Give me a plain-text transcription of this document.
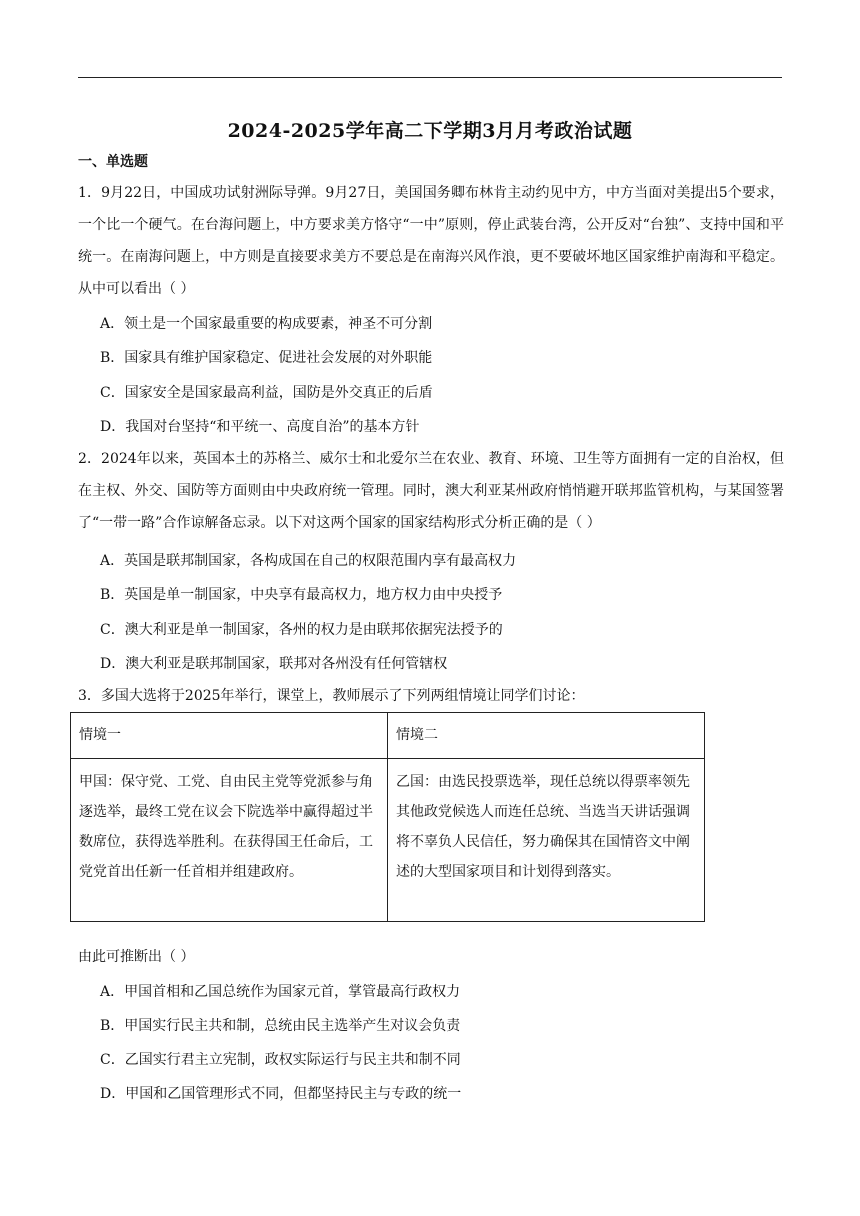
2024-2025学年高二下学期3月月考政治试题
一、单选题
1．9月22日，中国成功试射洲际导弹。9月27日，美国国务卿布林肯主动约见中方，中方当面对美提出5个要求，一个比一个硬气。在台海问题上，中方要求美方恪守“一中”原则，停止武装台湾，公开反对“台独”、支持中国和平统一。在南海问题上，中方则是直接要求美方不要总是在南海兴风作浪，更不要破坏地区国家维护南海和平稳定。从中可以看出（ ）
A．领土是一个国家最重要的构成要素，神圣不可分割
B．国家具有维护国家稳定、促进社会发展的对外职能
C．国家安全是国家最高利益，国防是外交真正的后盾
D．我国对台坚持“和平统一、高度自治”的基本方针
2．2024年以来，英国本土的苏格兰、威尔士和北爱尔兰在农业、教育、环境、卫生等方面拥有一定的自治权，但在主权、外交、国防等方面则由中央政府统一管理。同时，澳大利亚某州政府悄悄避开联邦监管机构，与某国签署了“一带一路”合作谅解备忘录。以下对这两个国家的国家结构形式分析正确的是（ ）
A．英国是联邦制国家，各构成国在自己的权限范围内享有最高权力
B．英国是单一制国家，中央享有最高权力，地方权力由中央授予
C．澳大利亚是单一制国家，各州的权力是由联邦依据宪法授予的
D．澳大利亚是联邦制国家，联邦对各州没有任何管辖权
3．多国大选将于2025年举行，课堂上，教师展示了下列两组情境让同学们讨论：
情境一	情境二
甲国：保守党、工党、自由民主党等党派参与角逐选举，最终工党在议会下院选举中赢得超过半数席位，获得选举胜利。在获得国王任命后，工党党首出任新一任首相并组建政府。	乙国：由选民投票选举，现任总统以得票率领先其他政党候选人而连任总统、当选当天讲话强调将不辜负人民信任，努力确保其在国情咨文中阐述的大型国家项目和计划得到落实。
由此可推断出（ ）
A．甲国首相和乙国总统作为国家元首，掌管最高行政权力
B．甲国实行民主共和制，总统由民主选举产生对议会负责
C．乙国实行君主立宪制，政权实际运行与民主共和制不同
D．甲国和乙国管理形式不同，但都坚持民主与专政的统一
